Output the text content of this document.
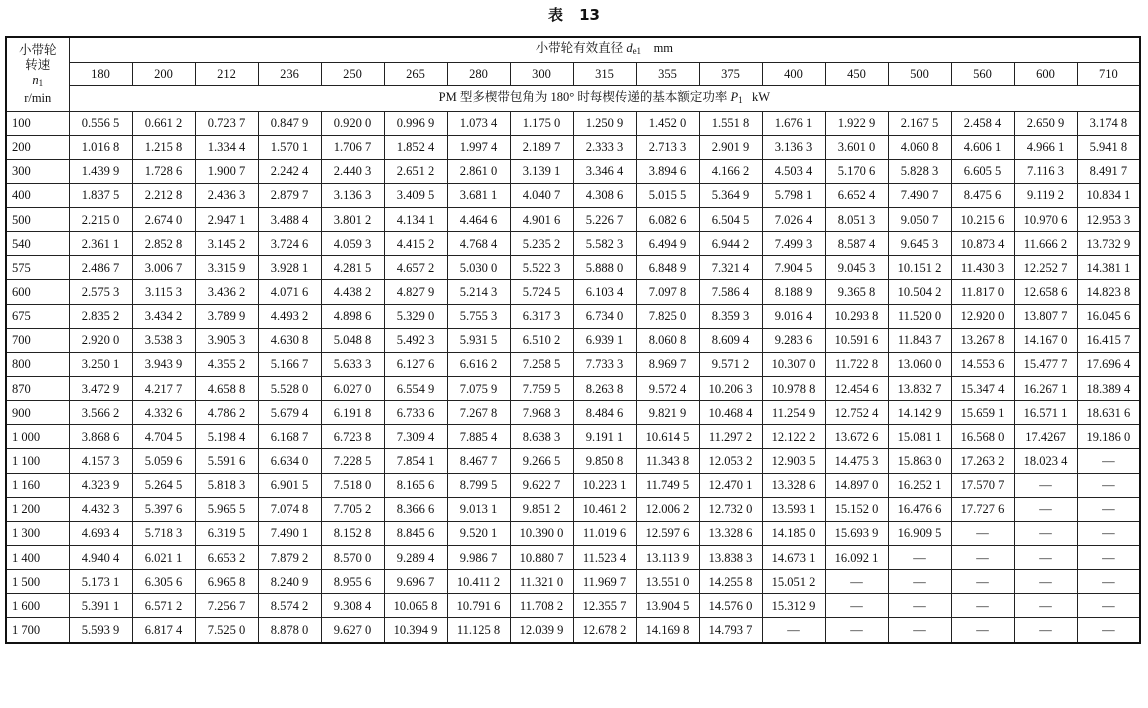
表 13
小带轮
转速
$n_1$
r/min	小带轮有效直径 $d_{e1}$ mm																
	180	200	212	236	250	265	280	300	315	355	375	400	450	500	560	600	710
	PM 型多楔带包角为 180° 时每楔传递的基本额定功率 $P_1$ kW																
100	0.556 5	0.661 2	0.723 7	0.847 9	0.920 0	0.996 9	1.073 4	1.175 0	1.250 9	1.452 0	1.551 8	1.676 1	1.922 9	2.167 5	2.458 4	2.650 9	3.174 8
200	1.016 8	1.215 8	1.334 4	1.570 1	1.706 7	1.852 4	1.997 4	2.189 7	2.333 3	2.713 3	2.901 9	3.136 3	3.601 0	4.060 8	4.606 1	4.966 1	5.941 8
300	1.439 9	1.728 6	1.900 7	2.242 4	2.440 3	2.651 2	2.861 0	3.139 1	3.346 4	3.894 6	4.166 2	4.503 4	5.170 6	5.828 3	6.605 5	7.116 3	8.491 7
400	1.837 5	2.212 8	2.436 3	2.879 7	3.136 3	3.409 5	3.681 1	4.040 7	4.308 6	5.015 5	5.364 9	5.798 1	6.652 4	7.490 7	8.475 6	9.119 2	10.834 1
500	2.215 0	2.674 0	2.947 1	3.488 4	3.801 2	4.134 1	4.464 6	4.901 6	5.226 7	6.082 6	6.504 5	7.026 4	8.051 3	9.050 7	10.215 6	10.970 6	12.953 3
540	2.361 1	2.852 8	3.145 2	3.724 6	4.059 3	4.415 2	4.768 4	5.235 2	5.582 3	6.494 9	6.944 2	7.499 3	8.587 4	9.645 3	10.873 4	11.666 2	13.732 9
575	2.486 7	3.006 7	3.315 9	3.928 1	4.281 5	4.657 2	5.030 0	5.522 3	5.888 0	6.848 9	7.321 4	7.904 5	9.045 3	10.151 2	11.430 3	12.252 7	14.381 1
600	2.575 3	3.115 3	3.436 2	4.071 6	4.438 2	4.827 9	5.214 3	5.724 5	6.103 4	7.097 8	7.586 4	8.188 9	9.365 8	10.504 2	11.817 0	12.658 6	14.823 8
675	2.835 2	3.434 2	3.789 9	4.493 2	4.898 6	5.329 0	5.755 3	6.317 3	6.734 0	7.825 0	8.359 3	9.016 4	10.293 8	11.520 0	12.920 0	13.807 7	16.045 6
700	2.920 0	3.538 3	3.905 3	4.630 8	5.048 8	5.492 3	5.931 5	6.510 2	6.939 1	8.060 8	8.609 4	9.283 6	10.591 6	11.843 7	13.267 8	14.167 0	16.415 7
800	3.250 1	3.943 9	4.355 2	5.166 7	5.633 3	6.127 6	6.616 2	7.258 5	7.733 3	8.969 7	9.571 2	10.307 0	11.722 8	13.060 0	14.553 6	15.477 7	17.696 4
870	3.472 9	4.217 7	4.658 8	5.528 0	6.027 0	6.554 9	7.075 9	7.759 5	8.263 8	9.572 4	10.206 3	10.978 8	12.454 6	13.832 7	15.347 4	16.267 1	18.389 4
900	3.566 2	4.332 6	4.786 2	5.679 4	6.191 8	6.733 6	7.267 8	7.968 3	8.484 6	9.821 9	10.468 4	11.254 9	12.752 4	14.142 9	15.659 1	16.571 1	18.631 6
1 000	3.868 6	4.704 5	5.198 4	6.168 7	6.723 8	7.309 4	7.885 4	8.638 3	9.191 1	10.614 5	11.297 2	12.122 2	13.672 6	15.081 1	16.568 0	17.4267	19.186 0
1 100	4.157 3	5.059 6	5.591 6	6.634 0	7.228 5	7.854 1	8.467 7	9.266 5	9.850 8	11.343 8	12.053 2	12.903 5	14.475 3	15.863 0	17.263 2	18.023 4	—
1 160	4.323 9	5.264 5	5.818 3	6.901 5	7.518 0	8.165 6	8.799 5	9.622 7	10.223 1	11.749 5	12.470 1	13.328 6	14.897 0	16.252 1	17.570 7	—	—
1 200	4.432 3	5.397 6	5.965 5	7.074 8	7.705 2	8.366 6	9.013 1	9.851 2	10.461 2	12.006 2	12.732 0	13.593 1	15.152 0	16.476 6	17.727 6	—	—
1 300	4.693 4	5.718 3	6.319 5	7.490 1	8.152 8	8.845 6	9.520 1	10.390 0	11.019 6	12.597 6	13.328 6	14.185 0	15.693 9	16.909 5	—	—	—
1 400	4.940 4	6.021 1	6.653 2	7.879 2	8.570 0	9.289 4	9.986 7	10.880 7	11.523 4	13.113 9	13.838 3	14.673 1	16.092 1	—	—	—	—
1 500	5.173 1	6.305 6	6.965 8	8.240 9	8.955 6	9.696 7	10.411 2	11.321 0	11.969 7	13.551 0	14.255 8	15.051 2	—	—	—	—	—
1 600	5.391 1	6.571 2	7.256 7	8.574 2	9.308 4	10.065 8	10.791 6	11.708 2	12.355 7	13.904 5	14.576 0	15.312 9	—	—	—	—	—
1 700	5.593 9	6.817 4	7.525 0	8.878 0	9.627 0	10.394 9	11.125 8	12.039 9	12.678 2	14.169 8	14.793 7	—	—	—	—	—	—
